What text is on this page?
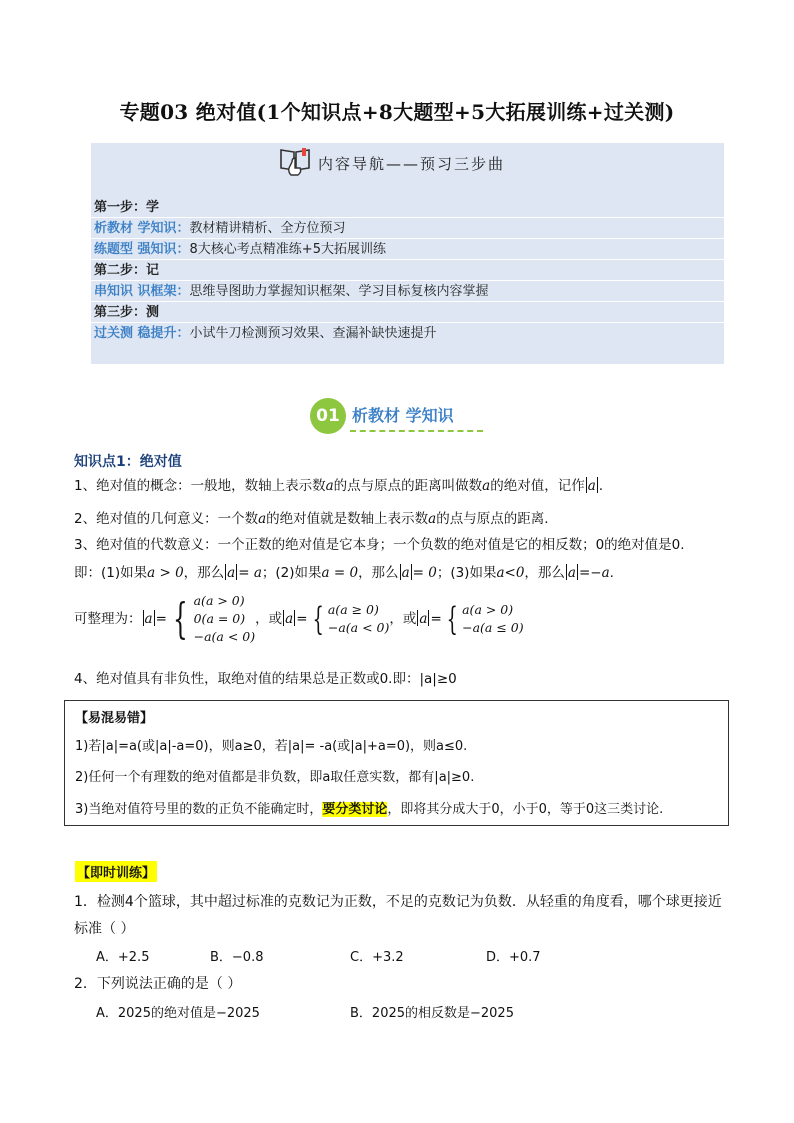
专题03 绝对值(1个知识点+8大题型+5大拓展训练+过关测)
内容导航——预习三步曲
第一步：学
析教材 学知识：教材精讲精析、全方位预习
练题型 强知识：8大核心考点精准练+5大拓展训练
第二步：记
串知识 识框架：思维导图助力掌握知识框架、学习目标复核内容掌握
第三步：测
过关测 稳提升：小试牛刀检测预习效果、查漏补缺快速提升
01 析教材 学知识
知识点1：绝对值
1、绝对值的概念：一般地，数轴上表示数a的点与原点的距离叫做数a的绝对值，记作 a .
2、绝对值的几何意义：一个数a的绝对值就是数轴上表示数a的点与原点的距离.
3、绝对值的代数意义：一个正数的绝对值是它本身；一个负数的绝对值是它的相反数；0的绝对值是0.
即：(1)如果a > 0，那么 a = a；(2)如果a = 0，那么 a = 0；(3)如果a<0，那么 a =−a.
可整理为： a = { a(a > 0)
0(a = 0)
−a(a < 0)
，或 a = { a(a ≥ 0)
−a(a < 0)
，或 a = { a(a > 0)
−a(a ≤ 0)
4、绝对值具有非负性，取绝对值的结果总是正数或0.即：|a|≥0
【易混易错】
1)若|a|=a(或|a|-a=0)，则a≥0，若|a|= -a(或|a|+a=0)，则a≤0.
2)任何一个有理数的绝对值都是非负数，即a取任意实数，都有|a|≥0.
3)当绝对值符号里的数的正负不能确定时，要分类讨论，即将其分成大于0，小于0，等于0这三类讨论.
【即时训练】
1．检测4个篮球，其中超过标准的克数记为正数，不足的克数记为负数．从轻重的角度看，哪个球更接近
标准（ ）
A．+2.5	B．−0.8	C．+3.2	D．+0.7
2．下列说法正确的是（ ）
A．2025的绝对值是−2025	B．2025的相反数是−2025
